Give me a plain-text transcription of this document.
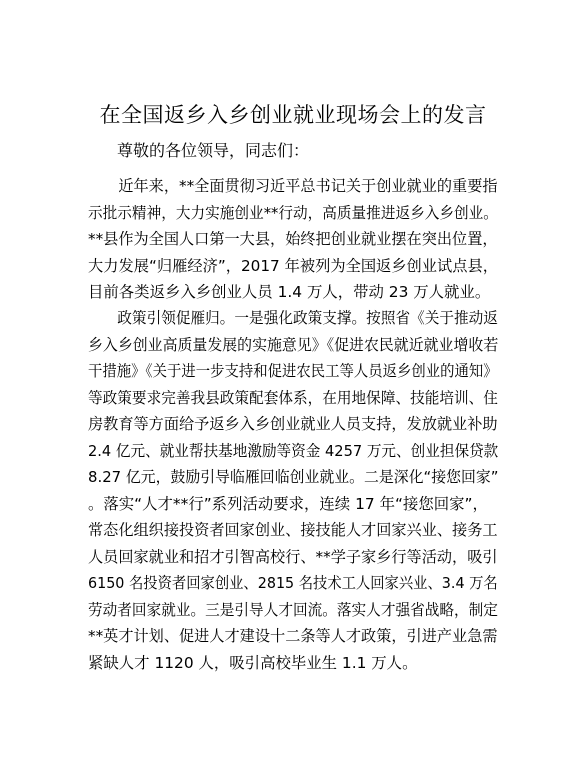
在全国返乡入乡创业就业现场会上的发言
尊敬的各位领导，同志们：
　　近年来，**全面贯彻习近平总书记关于创业就业的重要指
示批示精神，大力实施创业**行动，高质量推进返乡入乡创业。
**县作为全国人口第一大县，始终把创业就业摆在突出位置，
大力发展“归雁经济”，2017 年被列为全国返乡创业试点县，
目前各类返乡入乡创业人员 1.4 万人，带动 23 万人就业。
　　政策引领促雁归。一是强化政策支撑。按照省《关于推动返
乡入乡创业高质量发展的实施意见》《促进农民就近就业增收若
干措施》《关于进一步支持和促进农民工等人员返乡创业的通知》
等政策要求完善我县政策配套体系，在用地保障、技能培训、住
房教育等方面给予返乡入乡创业就业人员支持，发放就业补助
2.4 亿元、就业帮扶基地激励等资金 4257 万元、创业担保贷款
8.27 亿元，鼓励引导临雁回临创业就业。二是深化“接您回家”
。落实“人才**行”系列活动要求，连续 17 年“接您回家”，
常态化组织接投资者回家创业、接技能人才回家兴业、接务工
人员回家就业和招才引智高校行、**学子家乡行等活动，吸引
6150 名投资者回家创业、2815 名技术工人回家兴业、3.4 万名
劳动者回家就业。三是引导人才回流。落实人才强省战略，制定
**英才计划、促进人才建设十二条等人才政策，引进产业急需
紧缺人才 1120 人，吸引高校毕业生 1.1 万人。
